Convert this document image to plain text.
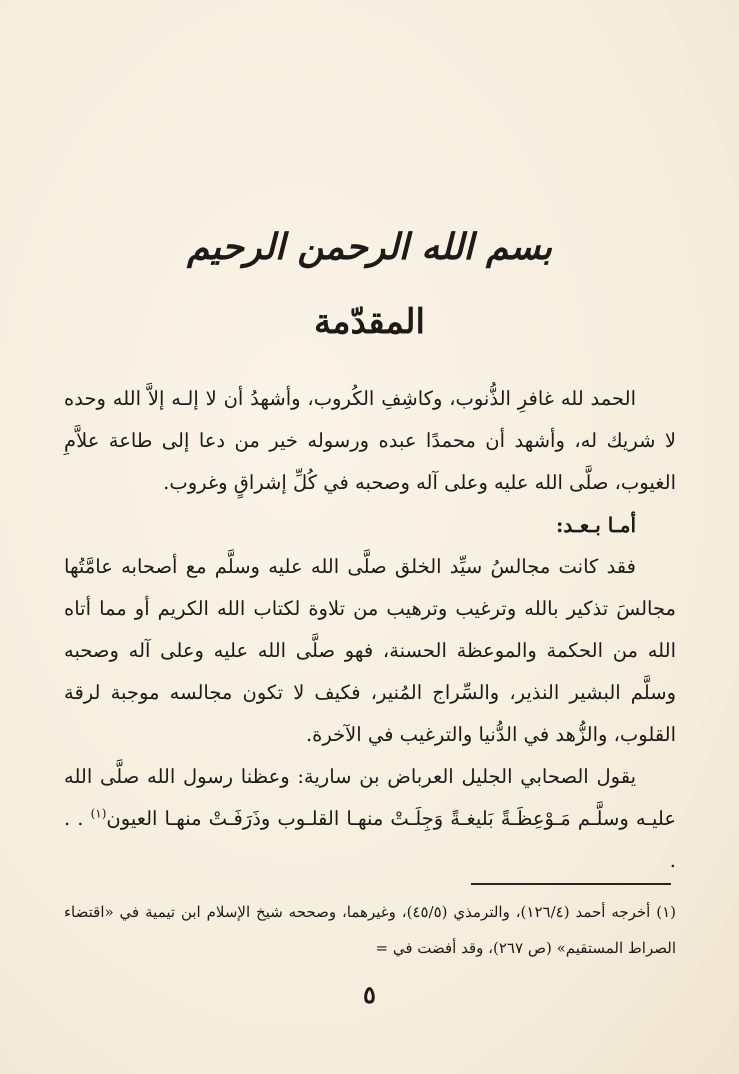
بسم الله الرحمن الرحيم
المقدّمة

الحمد لله غافرِ الذُّنوب، وكاشِفِ الكُروب، وأشهدُ أن لا إلـه إلاَّ الله وحده لا شريك له، وأشهد أن محمدًا عبده ورسوله خير من دعا إلى طاعة علاَّمِ الغيوب، صلَّى الله عليه وعلى آله وصحبه في كُلِّ إشراقٍ وغروب.

أمـا بـعـد:

فقد كانت مجالسُ سيِّد الخلق صلَّى الله عليه وسلَّم مع أصحابه عامَّتُها مجالسَ تذكير بالله وترغيب وترهيب من تلاوة لكتاب الله الكريم أو مما أتاه الله من الحكمة والموعظة الحسنة، فهو صلَّى الله عليه وعلى آله وصحبه وسلَّم البشير النذير، والسِّراج المُنير، فكيف لا تكون مجالسه موجبة لرقة القلوب، والزُّهد في الدُّنيا والترغيب في الآخرة.

يقول الصحابي الجليل العرباض بن سارية: وعظنا رسول الله صلَّى الله عليـه وسلَّـم مَـوْعِظَـةً بَليغـةً وَجِلَـتْ منهـا القلـوب وذَرَفَـتْ منهـا العيون$^{(١)}$ . . .

(١) أخرجه أحمد (١٢٦/٤)، والترمذي (٤٥/٥)، وغيرهما، وصححه شيخ الإسلام ابن تيمية في «اقتضاء الصراط المستقيم» (ص ٢٦٧)، وقد أفضت في =
٥
